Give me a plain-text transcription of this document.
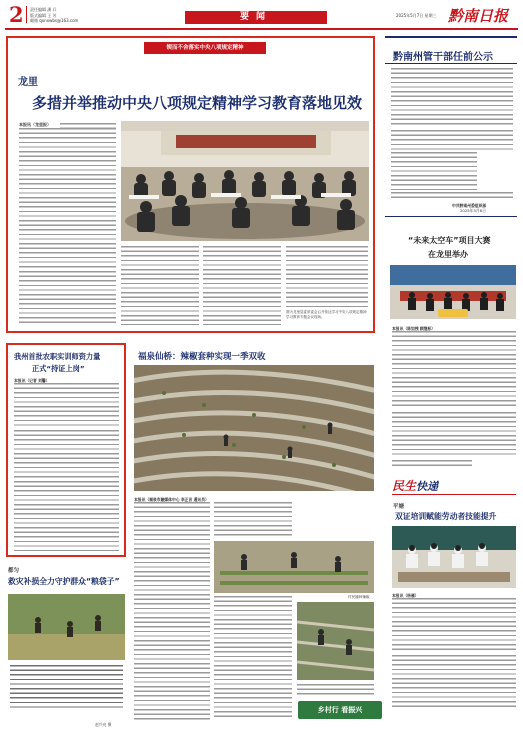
2 责任编辑 潘 兵
版式编辑 王 芳
邮箱 qxnxwbs@163.com	要闻	2025年5月7日 星期三 黔南日报
锲而不舍落实中央八项规定精神
龙里
多措并举推动中央八项规定精神学习教育落地见效
本报讯（龙里报）
图为龙里县委常委会召开传达学习中央八项规定精神学习教育专题会议现场。
黔南州管干部任前公示
中共黔南州委组织部
2025年5月6日
“未来太空车”项目大赛
在龙里举办
本报讯（陈如拽 顾继标）
我州首批农职实训师资力量
正式“持证上岗”
本报讯（记者 刘馨）
福泉仙桥：辣椒套种实现一季双收
民生快递
平塘
双证培训赋能劳动者技能提升
本报讯（杨雁）
都匀
救灾补损全力守护群众“粮袋子”
赵兴亮 摄
本报讯（福泉市融媒体中心 李正言 通讯员）
村民播种辣椒
乡村行 看振兴
